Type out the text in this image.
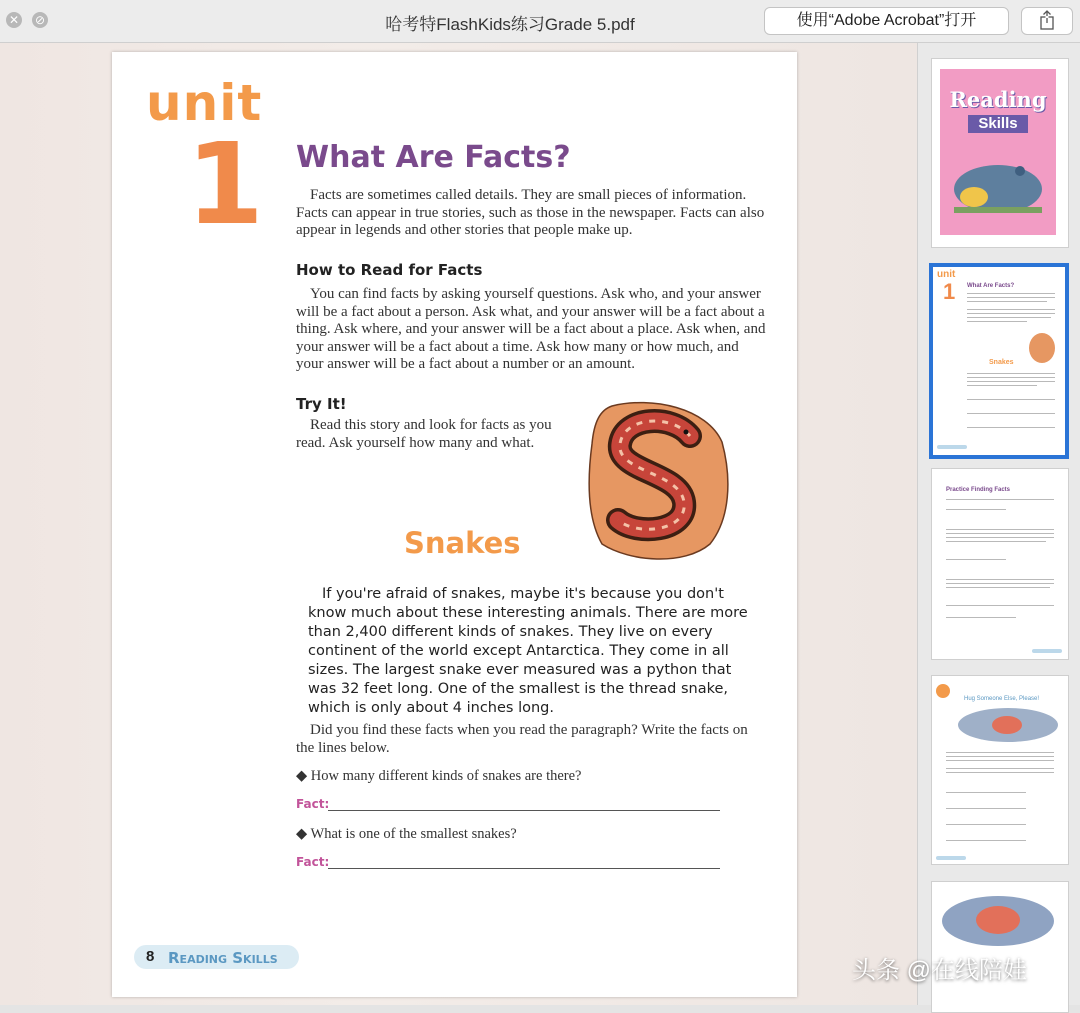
✕ ⊘	哈考特FlashKids练习Grade 5.pdf	使用“Adobe Acrobat”打开
unit
1 What Are Facts?

Facts are sometimes called details. They are small pieces of information. Facts can appear in true stories, such as those in the newspaper. Facts can also appear in legends and other stories that people make up.

How to Read for Facts

You can find facts by asking yourself questions. Ask who, and your answer will be a fact about a person. Ask what, and your answer will be a fact about a thing. Ask where, and your answer will be a fact about a place. Ask when, and your answer will be a fact about a time. Ask how many or how much, and your answer will be a fact about a number or an amount.

Try It!

Read this story and look for facts as you read. Ask yourself how many and what.

Snakes

If you're afraid of snakes, maybe it's because you don't know much about these interesting animals. There are more than 2,400 different kinds of snakes. They live on every continent of the world except Antarctica. They come in all sizes. The largest snake ever measured was a python that was 32 feet long. One of the smallest is the thread snake, which is only about 4 inches long.

Did you find these facts when you read the paragraph? Write the facts on the lines below.

◆ How many different kinds of snakes are there?
Fact:
◆ What is one of the smallest snakes?
Fact:
8 Reading Skills
Reading
Skills
unit
1 What Are Facts?
Snakes
Practice Finding Facts
Hug Someone Else, Please!
头条 @在线陪娃
